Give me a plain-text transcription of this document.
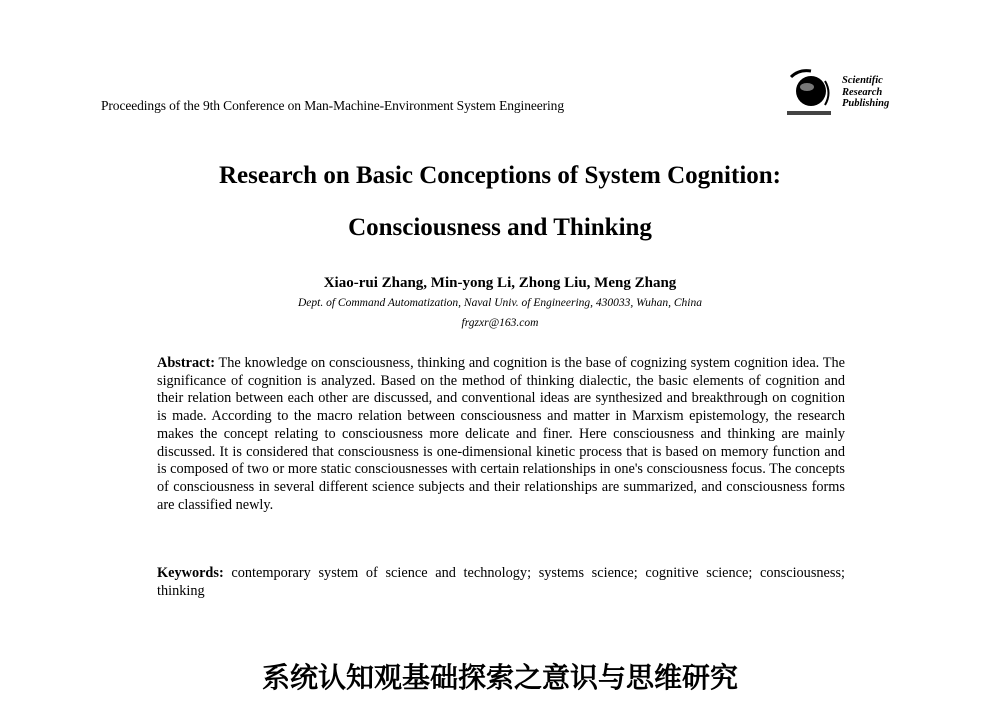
Proceedings of the 9th Conference on Man-Machine-Environment System Engineering
Scientific
Research
Publishing
Research on Basic Conceptions of System Cognition:
Consciousness and Thinking
Xiao-rui Zhang, Min-yong Li, Zhong Liu, Meng Zhang
Dept. of Command Automatization, Naval Univ. of Engineering, 430033, Wuhan, China
frgzxr@163.com
Abstract: The knowledge on consciousness, thinking and cognition is the base of cognizing system cognition idea. The significance of cognition is analyzed. Based on the method of thinking dialectic, the basic elements of cognition and their relation between each other are discussed, and conventional ideas are synthesized and breakthrough on cognition is made. According to the macro relation between consciousness and matter in Marxism epistemology, the research makes the concept relating to consciousness more delicate and finer. Here consciousness and thinking are mainly discussed. It is considered that consciousness is one-dimensional kinetic process that is based on memory function and is composed of two or more static consciousnesses with certain relationships in one's consciousness focus. The concepts of consciousness in several different science subjects and their relationships are summarized, and consciousness forms are classified newly.
Keywords: contemporary system of science and technology; systems science; cognitive science; consciousness; thinking
系统认知观基础探索之意识与思维研究
